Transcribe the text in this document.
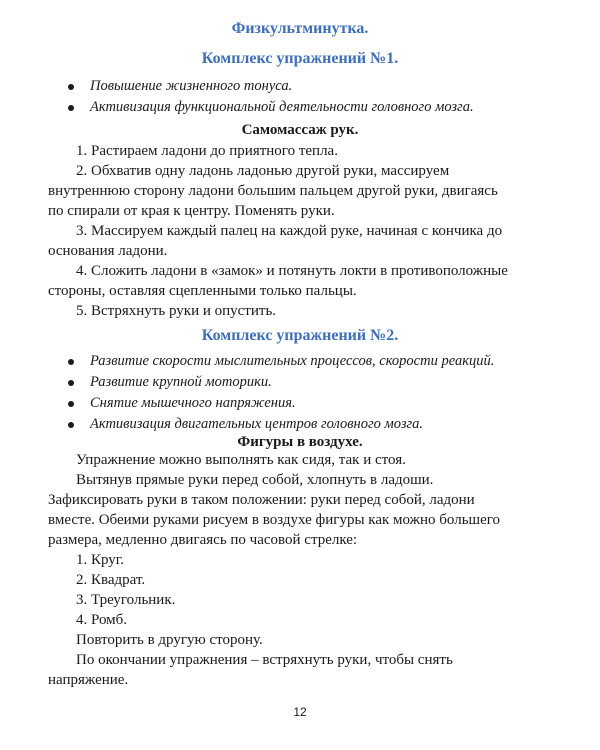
Физкультминутка.
Комплекс упражнений №1.
Повышение жизненного тонуса.
Активизация функциональной деятельности головного мозга.
Самомассаж рук.

1. Растираем ладони до приятного тепла.

2. Обхватив одну ладонь ладонью другой руки, массируем

внутреннюю сторону ладони большим пальцем другой руки, двигаясь

по спирали от края к центру. Поменять руки.

3. Массируем каждый палец на каждой руке, начиная с кончика до

основания ладони.

4. Сложить ладони в «замок» и потянуть локти в противоположные

стороны, оставляя сцепленными только пальцы.

5. Встряхнуть руки и опустить.

Комплекс упражнений №2.
Развитие скорости мыслительных процессов, скорости реакций.
Развитие крупной моторики.
Снятие мышечного напряжения.
Активизация двигательных центров головного мозга.
Фигуры в воздухе.

Упражнение можно выполнять как сидя, так и стоя.

Вытянув прямые руки перед собой, хлопнуть в ладоши.

Зафиксировать руки в таком положении: руки перед собой, ладони

вместе. Обеими руками рисуем в воздухе фигуры как можно большего

размера, медленно двигаясь по часовой стрелке:

1. Круг.

2. Квадрат.

3. Треугольник.

4. Ромб.

Повторить в другую сторону.

По окончании упражнения – встряхнуть руки, чтобы снять

напряжение.

12
